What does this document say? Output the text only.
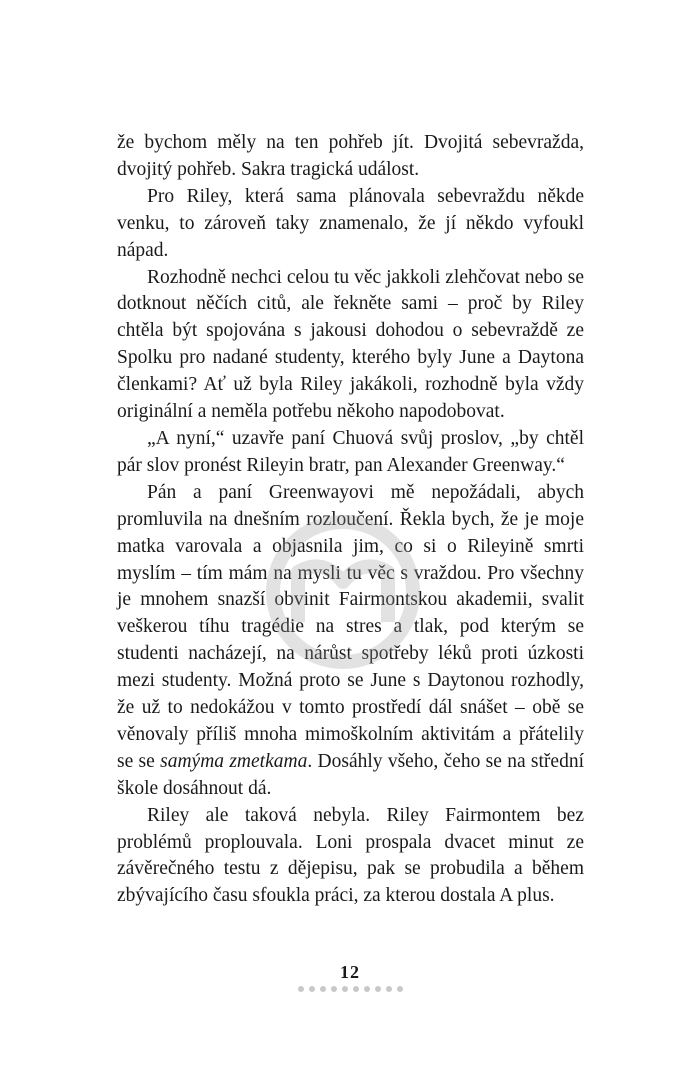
že bychom měly na ten pohřeb jít. Dvojitá sebevražda, dvojitý pohřeb. Sakra tragická událost.

Pro Riley, která sama plánovala sebevraždu někde venku, to zároveň taky znamenalo, že jí někdo vyfoukl nápad.

Rozhodně nechci celou tu věc jakkoli zlehčovat nebo se dotknout něčích citů, ale řekněte sami – proč by Riley chtěla být spojována s jakousi dohodou o sebevraždě ze Spolku pro nadané studenty, kterého byly June a Daytona členkami? Ať už byla Riley jakákoli, rozhodně byla vždy originální a neměla potřebu někoho napodobovat.

„A nyní,“ uzavře paní Chuová svůj proslov, „by chtěl pár slov pronést Rileyin bratr, pan Alexander Greenway.“

Pán a paní Greenwayovi mě nepožádali, abych promluvila na dnešním rozloučení. Řekla bych, že je moje matka varovala a objasnila jim, co si o Rileyině smrti myslím – tím mám na mysli tu věc s vraždou. Pro všechny je mnohem snazší obvinit Fairmontskou akademii, svalit veškerou tíhu tragédie na stres a tlak, pod kterým se studenti nacházejí, na nárůst spotřeby léků proti úzkosti mezi studenty. Možná proto se June s Daytonou rozhodly, že už to nedokážou v tomto prostředí dál snášet – obě se věnovaly příliš mnoha mimoškolním aktivitám a přátelily se se samýma zmetkama. Dosáhly všeho, čeho se na střední škole dosáhnout dá.

Riley ale taková nebyla. Riley Fairmontem bez problémů proplouvala. Loni prospala dvacet minut ze závěrečného testu z dějepisu, pak se probudila a během zbývajícího času sfoukla práci, za kterou dostala A plus.

12
